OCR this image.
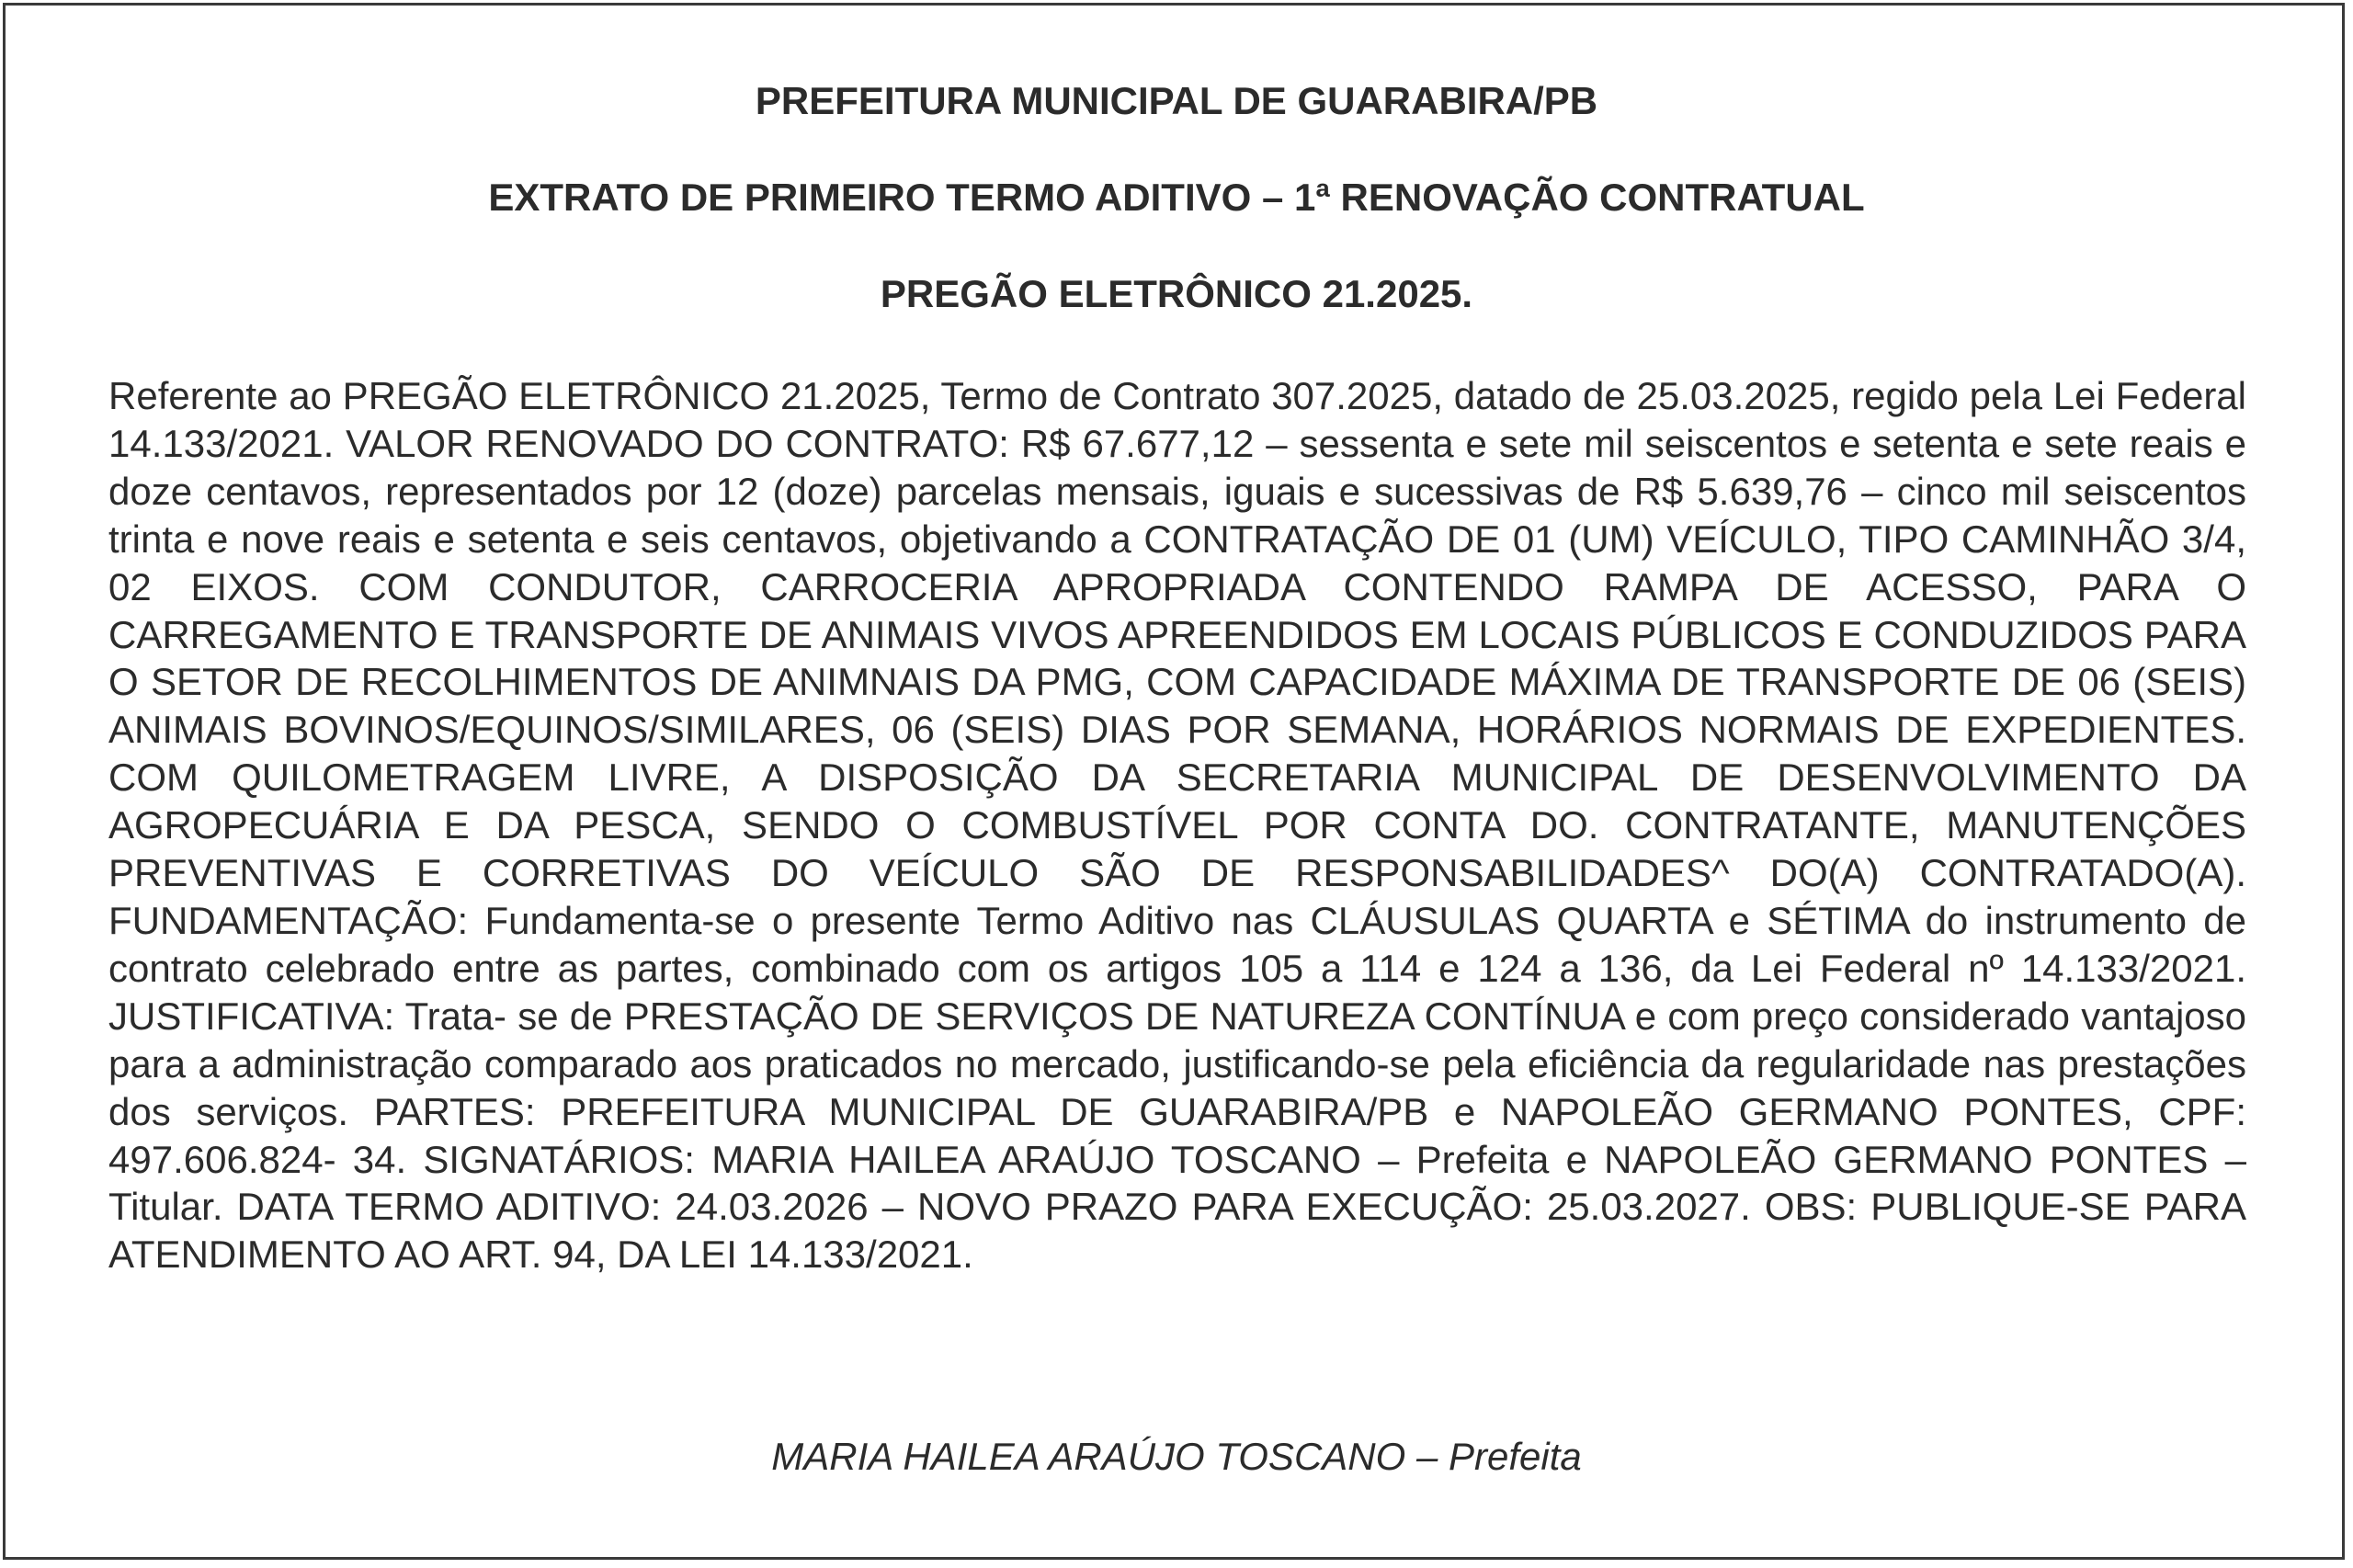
PREFEITURA MUNICIPAL DE GUARABIRA/PB
EXTRATO DE PRIMEIRO TERMO ADITIVO – 1ª RENOVAÇÃO CONTRATUAL
PREGÃO ELETRÔNICO 21.2025.
Referente ao PREGÃO ELETRÔNICO 21.2025, Termo de Contrato 307.2025, datado de 25.03.2025, regido pela Lei Federal 14.133/2021. VALOR RENOVADO DO CONTRATO: R$ 67.677,12 – sessenta e sete mil seiscentos e setenta e sete reais e doze centavos, representados por 12 (doze) parcelas mensais, iguais e sucessivas de R$ 5.639,76 – cinco mil seiscentos trinta e nove reais e setenta e seis centavos, objetivando a CONTRATAÇÃO DE 01 (UM) VEÍCULO, TIPO CAMINHÃO 3/4, 02 EIXOS. COM CONDUTOR, CARROCERIA APROPRIADA CONTENDO RAMPA DE ACESSO, PARA O CARREGAMENTO E TRANSPORTE DE ANIMAIS VIVOS APREENDIDOS EM LOCAIS PÚBLICOS E CONDUZIDOS PARA O SETOR DE RECOLHIMENTOS DE ANIMNAIS DA PMG, COM CAPACIDADE MÁXIMA DE TRANSPORTE DE 06 (SEIS) ANIMAIS BOVINOS/EQUINOS/SIMILARES, 06 (SEIS) DIAS POR SEMANA, HORÁRIOS NORMAIS DE EXPEDIENTES. COM QUILOMETRAGEM LIVRE, A DISPOSIÇÃO DA SECRETARIA MUNICIPAL DE DESENVOLVIMENTO DA AGROPECUÁRIA E DA PESCA, SENDO O COMBUSTÍVEL POR CONTA DO. CONTRATANTE, MANUTENÇÕES PREVENTIVAS E CORRETIVAS DO VEÍCULO SÃO DE RESPONSABILIDADES^ DO(A) CONTRATADO(A). FUNDAMENTAÇÃO: Fundamenta-se o presente Termo Aditivo nas CLÁUSULAS QUARTA e SÉTIMA do instrumento de contrato celebrado entre as partes, combinado com os artigos 105 a 114 e 124 a 136, da Lei Federal nº 14.133/2021. JUSTIFICATIVA: Trata- se de PRESTAÇÃO DE SERVIÇOS DE NATUREZA CONTÍNUA e com preço considerado vantajoso para a administração comparado aos praticados no mercado, justificando-se pela eficiência da regularidade nas prestações dos serviços. PARTES: PREFEITURA MUNICIPAL DE GUARABIRA/PB e NAPOLEÃO GERMANO PONTES, CPF: 497.606.824- 34. SIGNATÁRIOS: MARIA HAILEA ARAÚJO TOSCANO – Prefeita e NAPOLEÃO GERMANO PONTES – Titular. DATA TERMO ADITIVO: 24.03.2026 – NOVO PRAZO PARA EXECUÇÃO: 25.03.2027. OBS: PUBLIQUE-SE PARA ATENDIMENTO AO ART. 94, DA LEI 14.133/2021.
MARIA HAILEA ARAÚJO TOSCANO – Prefeita
